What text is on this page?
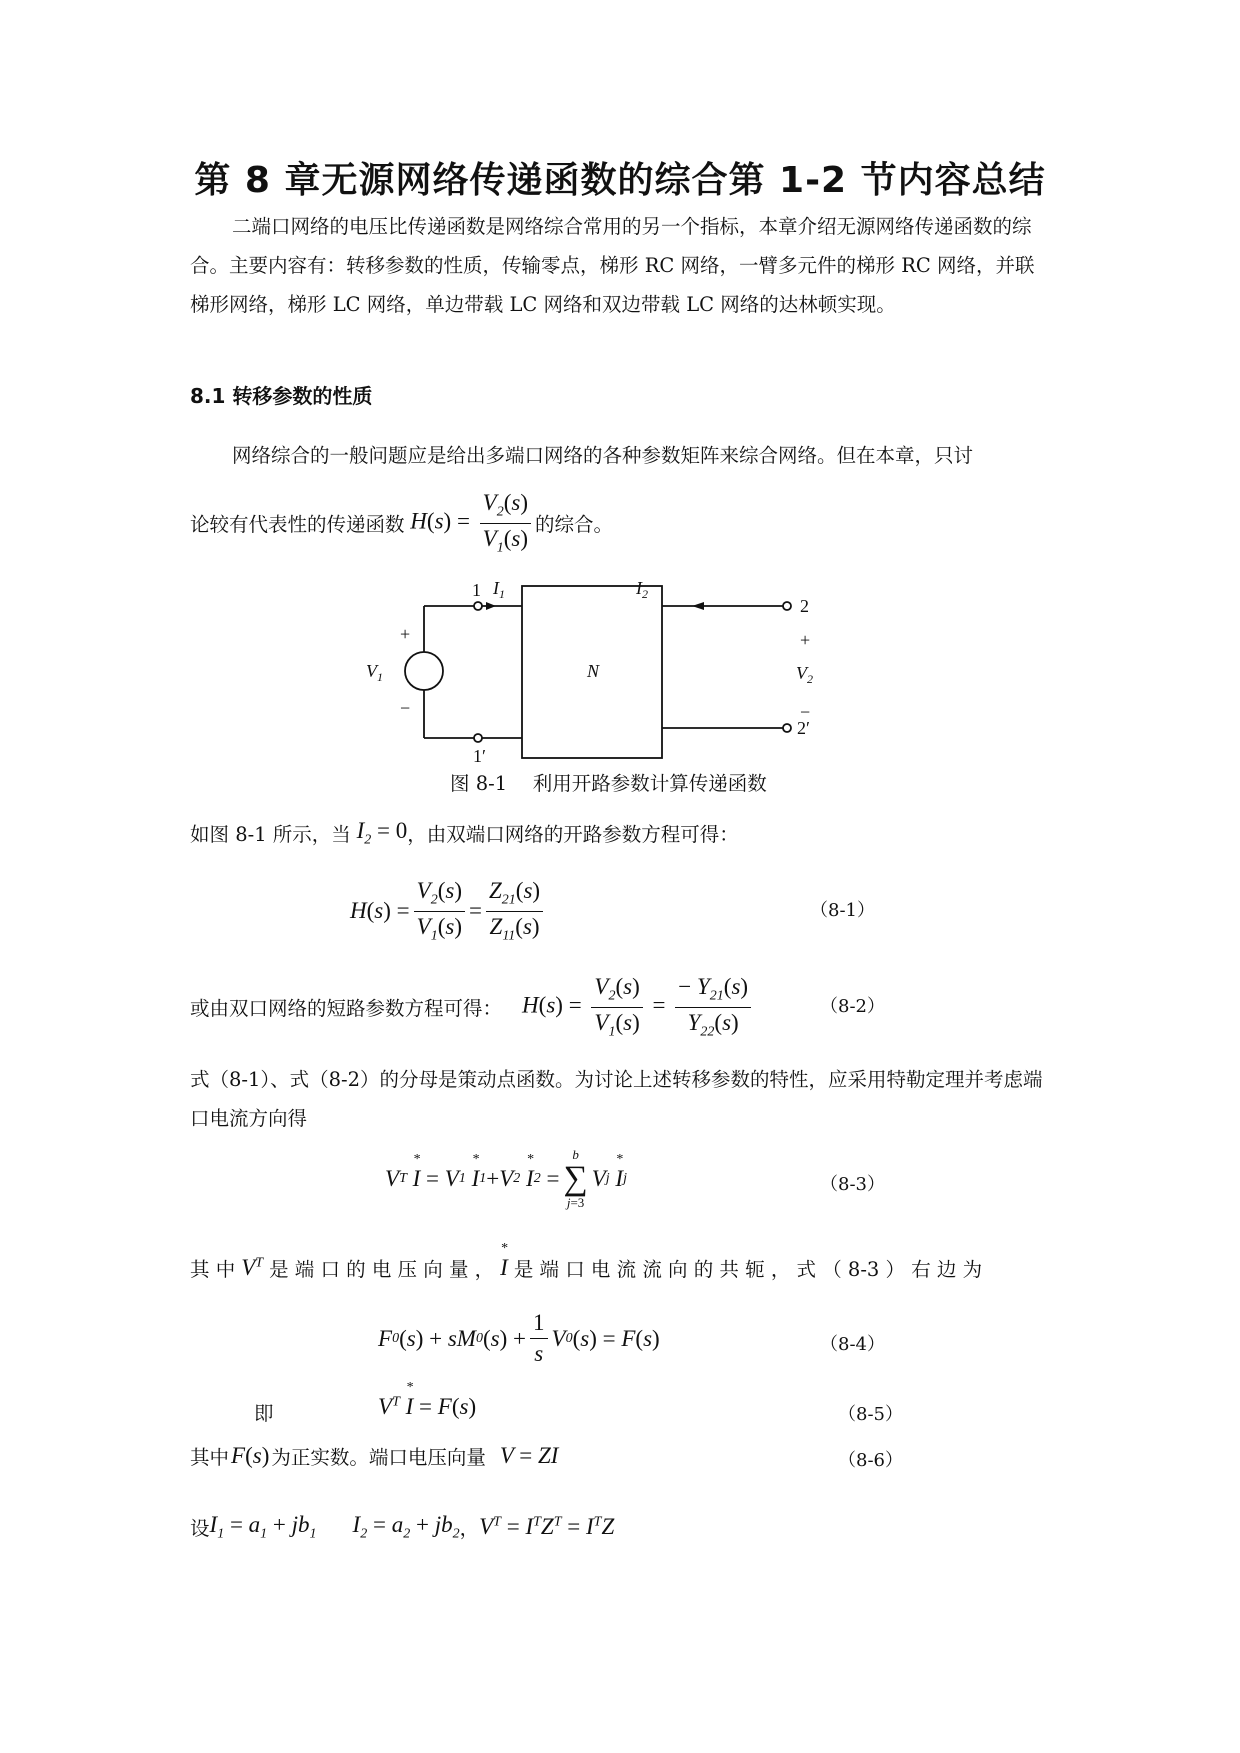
第 8 章无源网络传递函数的综合第 1-2 节内容总结
二端口网络的电压比传递函数是网络综合常用的另一个指标，本章介绍无源网络传递函数的综合。主要内容有：转移参数的性质，传输零点，梯形 RC 网络，一臂多元件的梯形 RC 网络，并联梯形网络，梯形 LC 网络，单边带载 LC 网络和双边带载 LC 网络的达林顿实现。
8.1 转移参数的性质
网络综合的一般问题应是给出多端口网络的各种参数矩阵来综合网络。但在本章，只讨
论较有代表性的传递函数 $H(s) = \frac{V_2(s)}{V_1(s)}$ 的综合。
1 $I_1$	$I_2$
1′
+
$V_1$
−
N
2
+
$V_2$
−
2′
图 8-1　 利用开路参数计算传递函数
如图 8-1 所示，当 $I_2 = 0$ ，由双端口网络的开路参数方程可得：
H ( s )
= $\frac{V_2(s)}{V_1(s)} = \frac{Z_{21}(s)}{Z_{11}(s)}$	（8-1）
或由双口网络的短路参数方程可得： $H(s) = \frac{V_2(s)}{V_1(s)} = \frac{- Y_{21}(s)}{Y_{22}(s)}$	（8-2）
式（8-1）、式（8-2）的分母是策动点函数。为讨论上述转移参数的特性，应采用特勒定理并考虑端口电流方向得
V T
* I
= V 1
* I 1 + V 2
* I 2
=
b
∑
j=3
V j
* I j	（8-3）
其 中 $V^T$ 是 端 口 的 电 压 向 量 ， * I 是 端 口 电 流 流 向 的 共 轭 ， 式 （ 8-3 ） 右 边 为
F 0 ( s )
+ sM 0 ( s )
+ $\frac{1}{s}$ V 0 ( s )
= F ( s )	（8-4）
即	$V^T * I = F(s)$	（8-5）
其中 F(s) 为正实数。端口电压向量 V = ZI	（8-6）
设 $I_1 = a_1 + jb_1$ $I_2 = a_2 + jb_2$ ， $V^T = I^TZ^T = I^TZ$
